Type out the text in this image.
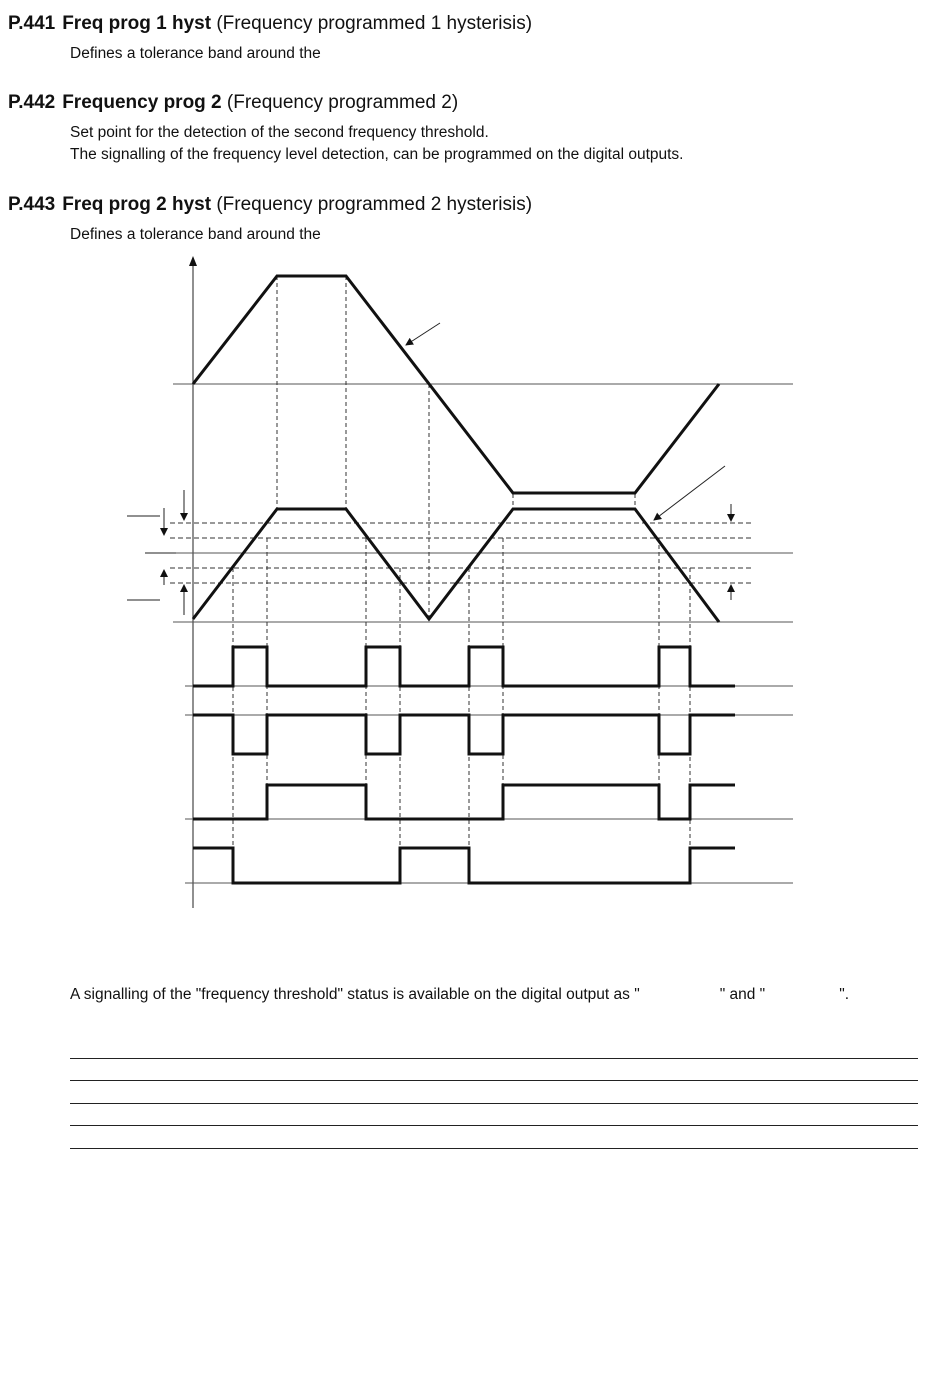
P.441 Freq prog 1 hyst (Frequency programmed 1 hysterisis)
Defines a tolerance band around the
P.442 Frequency prog 2 (Frequency programmed 2)
Set point for the detection of the second frequency threshold.
The signalling of the frequency level detection, can be programmed on the digital outputs.
P.443 Freq prog 2 hyst (Frequency programmed 2 hysterisis)
Defines a tolerance band around the
A signalling of the "frequency threshold" status is available on the digital output as "	" and "	".
